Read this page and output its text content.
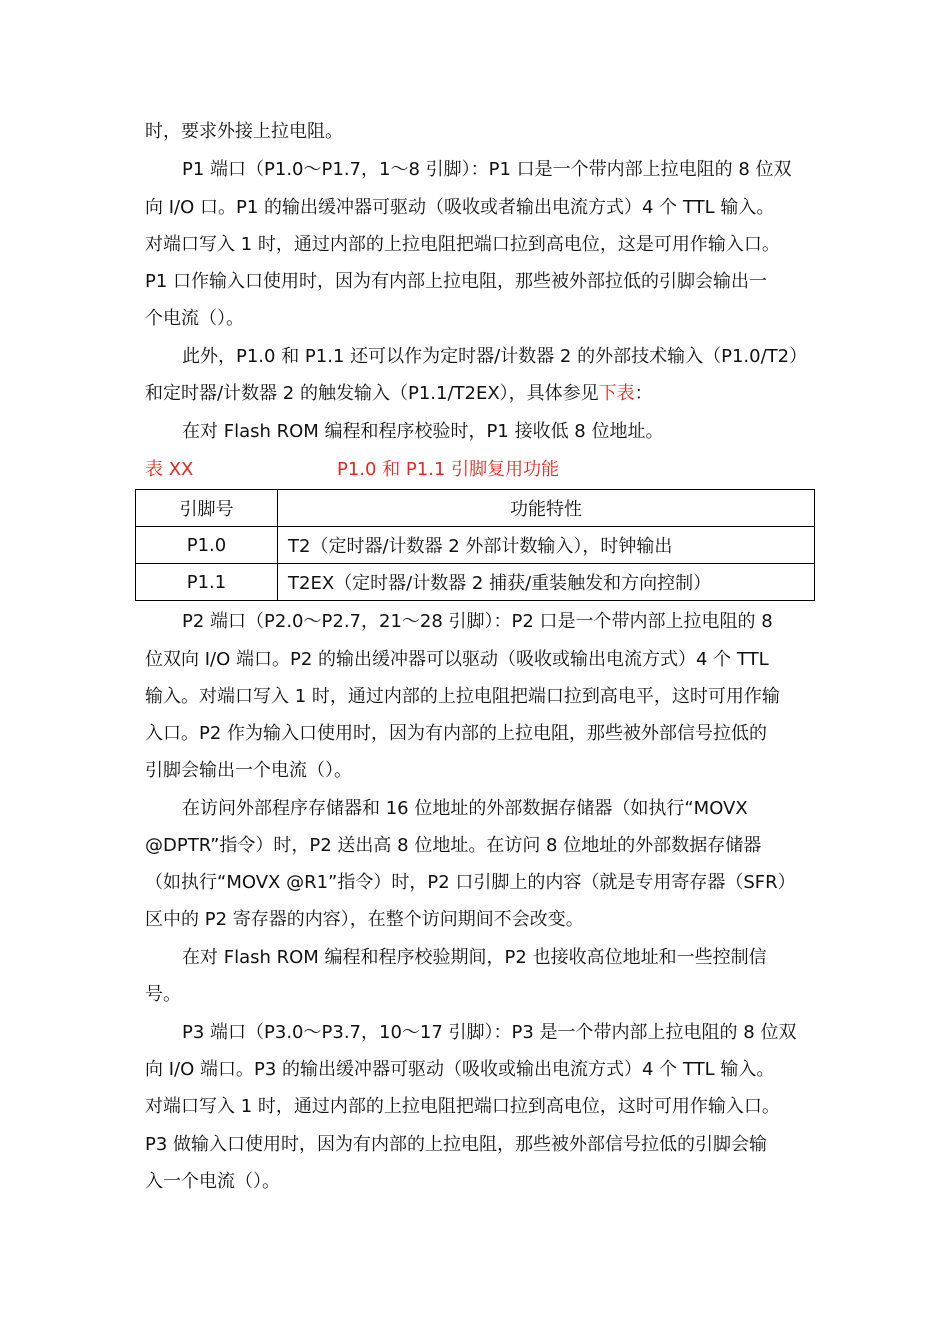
时，要求外接上拉电阻。
P1 端口（P1.0～P1.7，1～8 引脚）：P1 口是一个带内部上拉电阻的 8 位双
向 I/O 口。P1 的输出缓冲器可驱动（吸收或者输出电流方式）4 个 TTL 输入。
对端口写入 1 时，通过内部的上拉电阻把端口拉到高电位，这是可用作输入口。
P1 口作输入口使用时，因为有内部上拉电阻，那些被外部拉低的引脚会输出一
个电流（）。
此外，P1.0 和 P1.1 还可以作为定时器/计数器 2 的外部技术输入（P1.0/T2）
和定时器/计数器 2 的触发输入（P1.1/T2EX），具体参见下表：
在对 Flash ROM 编程和程序校验时，P1 接收低 8 位地址。
表 XX	P1.0 和 P1.1 引脚复用功能
引脚号	功能特性
P1.0	T2（定时器/计数器 2 外部计数输入），时钟输出
P1.1	T2EX（定时器/计数器 2 捕获/重装触发和方向控制）
P2 端口（P2.0～P2.7，21～28 引脚）：P2 口是一个带内部上拉电阻的 8
位双向 I/O 端口。P2 的输出缓冲器可以驱动（吸收或输出电流方式）4 个 TTL
输入。对端口写入 1 时，通过内部的上拉电阻把端口拉到高电平，这时可用作输
入口。P2 作为输入口使用时，因为有内部的上拉电阻，那些被外部信号拉低的
引脚会输出一个电流（）。
在访问外部程序存储器和 16 位地址的外部数据存储器（如执行“MOVX
@DPTR”指令）时，P2 送出高 8 位地址。在访问 8 位地址的外部数据存储器
（如执行“MOVX @R1”指令）时，P2 口引脚上的内容（就是专用寄存器（SFR）
区中的 P2 寄存器的内容），在整个访问期间不会改变。
在对 Flash ROM 编程和程序校验期间，P2 也接收高位地址和一些控制信
号。
P3 端口（P3.0～P3.7，10～17 引脚）：P3 是一个带内部上拉电阻的 8 位双
向 I/O 端口。P3 的输出缓冲器可驱动（吸收或输出电流方式）4 个 TTL 输入。
对端口写入 1 时，通过内部的上拉电阻把端口拉到高电位，这时可用作输入口。
P3 做输入口使用时，因为有内部的上拉电阻，那些被外部信号拉低的引脚会输
入一个电流（）。
